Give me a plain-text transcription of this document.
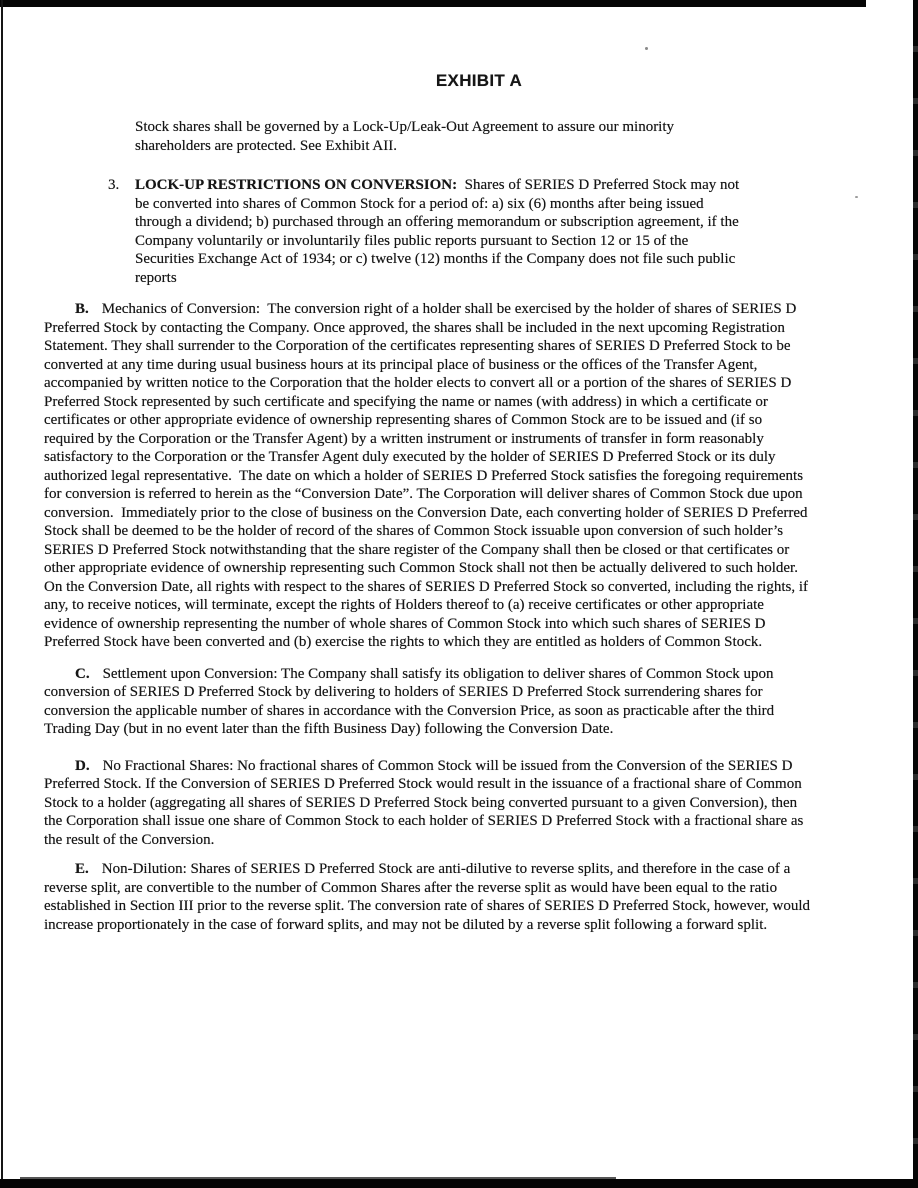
EXHIBIT A

Stock shares shall be governed by a Lock-Up/Leak-Out Agreement to assure our minority shareholders are protected. See Exhibit AII.

3.	LOCK-UP RESTRICTIONS ON CONVERSION:  Shares of SERIES D Preferred Stock may not be converted into shares of Common Stock for a period of: a) six (6) months after being issued through a dividend; b) purchased through an offering memorandum or subscription agreement, if the Company voluntarily or involuntarily files public reports pursuant to Section 12 or 15 of the Securities Exchange Act of 1934; or c) twelve (12) months if the Company does not file such public reports

B. Mechanics of Conversion:  The conversion right of a holder shall be exercised by the holder of shares of SERIES D Preferred Stock by contacting the Company. Once approved, the shares shall be included in the next upcoming Registration Statement. They shall surrender to the Corporation of the certificates representing shares of SERIES D Preferred Stock to be converted at any time during usual business hours at its principal place of business or the offices of the Transfer Agent, accompanied by written notice to the Corporation that the holder elects to convert all or a portion of the shares of SERIES D Preferred Stock represented by such certificate and specifying the name or names (with address) in which a certificate or certificates or other appropriate evidence of ownership representing shares of Common Stock are to be issued and (if so required by the Corporation or the Transfer Agent) by a written instrument or instruments of transfer in form reasonably satisfactory to the Corporation or the Transfer Agent duly executed by the holder of SERIES D Preferred Stock or its duly authorized legal representative.  The date on which a holder of SERIES D Preferred Stock satisfies the foregoing requirements for conversion is referred to herein as the “Conversion Date”. The Corporation will deliver shares of Common Stock due upon conversion.  Immediately prior to the close of business on the Conversion Date, each converting holder of SERIES D Preferred Stock shall be deemed to be the holder of record of the shares of Common Stock issuable upon conversion of such holder’s SERIES D Preferred Stock notwithstanding that the share register of the Company shall then be closed or that certificates or other appropriate evidence of ownership representing such Common Stock shall not then be actually delivered to such holder. On the Conversion Date, all rights with respect to the shares of SERIES D Preferred Stock so converted, including the rights, if any, to receive notices, will terminate, except the rights of Holders thereof to (a) receive certificates or other appropriate evidence of ownership representing the number of whole shares of Common Stock into which such shares of SERIES D Preferred Stock have been converted and (b) exercise the rights to which they are entitled as holders of Common Stock.

C. Settlement upon Conversion: The Company shall satisfy its obligation to deliver shares of Common Stock upon conversion of SERIES D Preferred Stock by delivering to holders of SERIES D Preferred Stock surrendering shares for conversion the applicable number of shares in accordance with the Conversion Price, as soon as practicable after the third Trading Day (but in no event later than the fifth Business Day) following the Conversion Date.

D. No Fractional Shares: No fractional shares of Common Stock will be issued from the Conversion of the SERIES D Preferred Stock. If the Conversion of SERIES D Preferred Stock would result in the issuance of a fractional share of Common Stock to a holder (aggregating all shares of SERIES D Preferred Stock being converted pursuant to a given Conversion), then the Corporation shall issue one share of Common Stock to each holder of SERIES D Preferred Stock with a fractional share as the result of the Conversion.

E. Non-Dilution: Shares of SERIES D Preferred Stock are anti-dilutive to reverse splits, and therefore in the case of a reverse split, are convertible to the number of Common Shares after the reverse split as would have been equal to the ratio established in Section III prior to the reverse split. The conversion rate of shares of SERIES D Preferred Stock, however, would increase proportionately in the case of forward splits, and may not be diluted by a reverse split following a forward split.
